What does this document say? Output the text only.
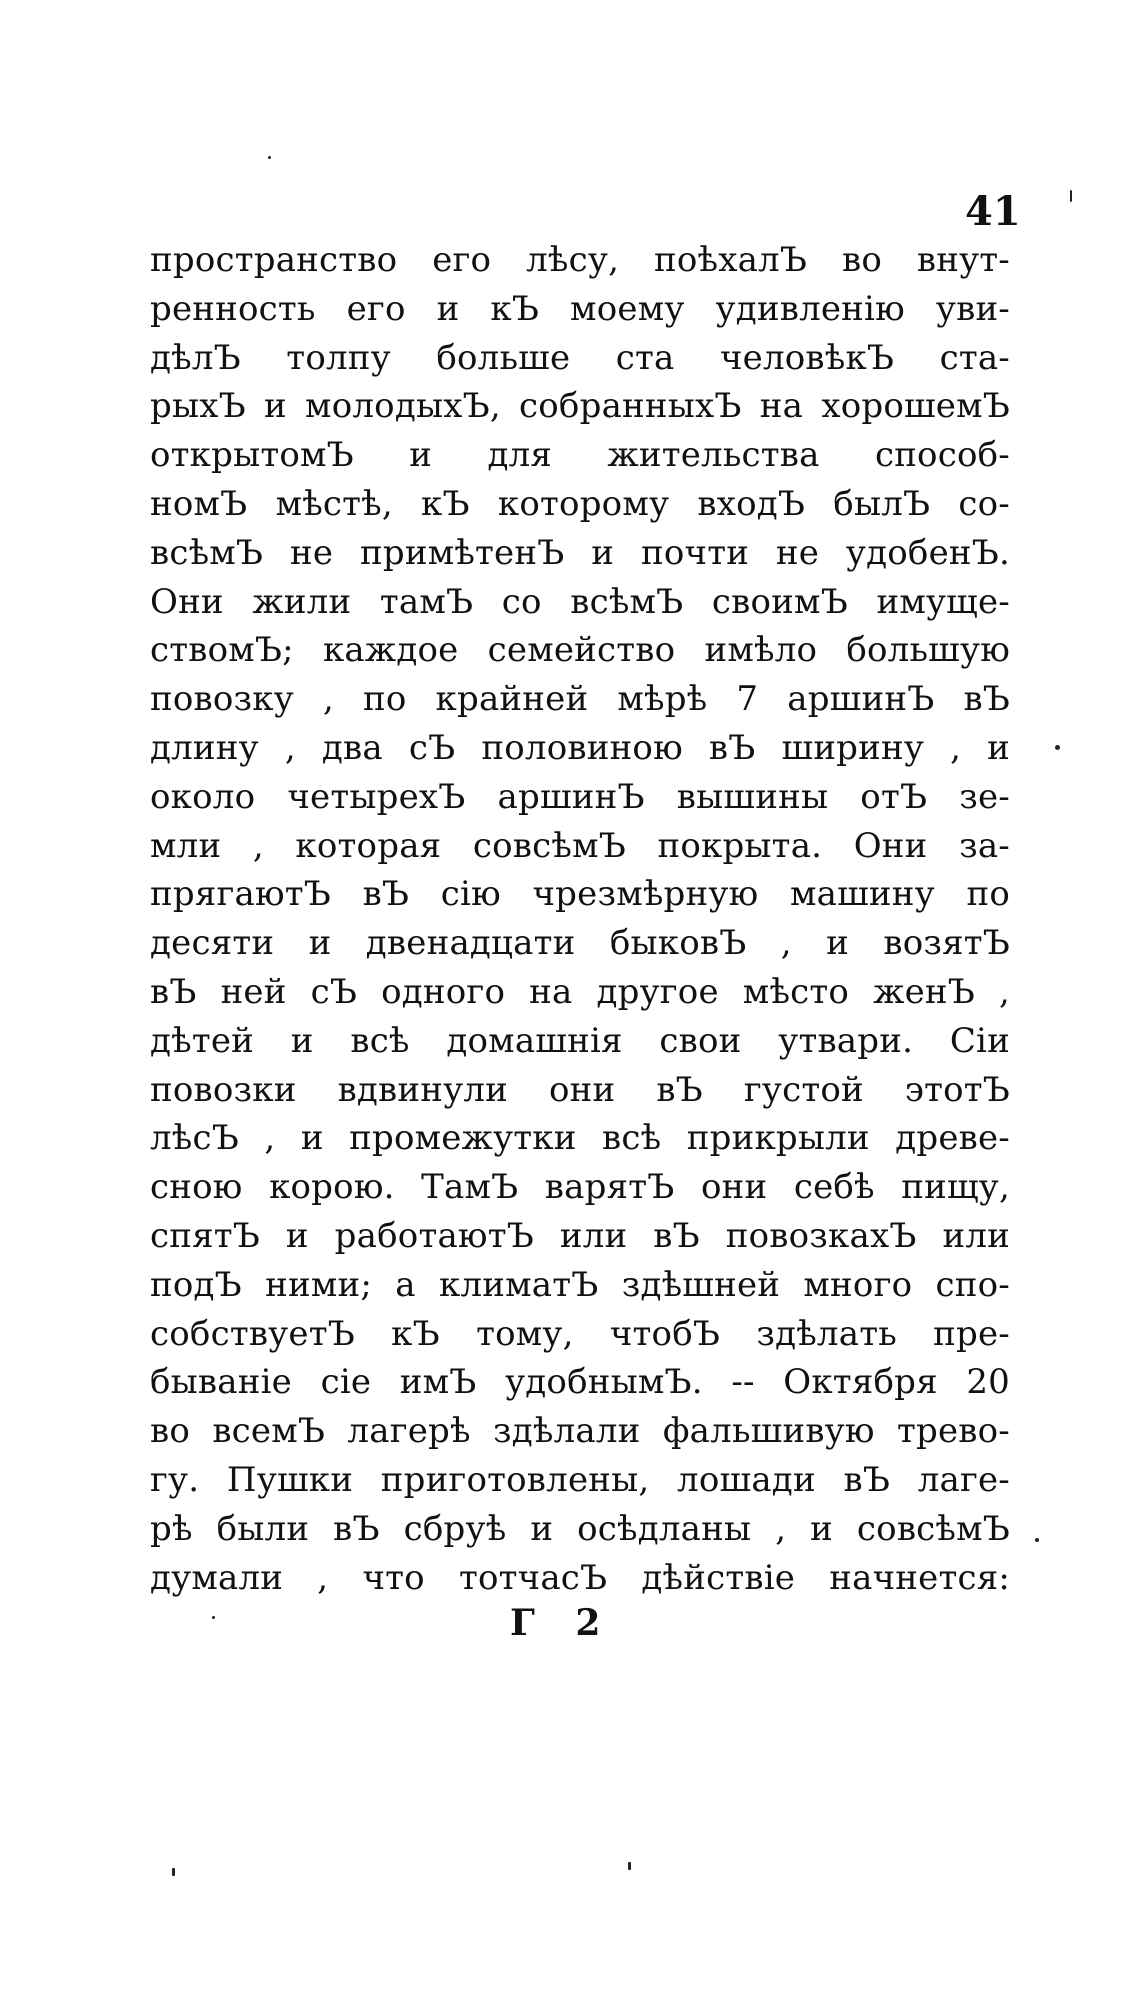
41
пространство его лѣсу, поѣхалЪ во внут-
ренность его и кЪ моему удивленію уви-
дѣлЪ толпу больше ста человѣкЪ ста-
рыхЪ и молодыхЪ, собранныхЪ на хорошемЪ
открытомЪ и для жительства способ-
номЪ мѣстѣ, кЪ которому входЪ былЪ со-
всѣмЪ не примѣтенЪ и почти не удобенЪ.
Они жили тамЪ со всѣмЪ своимЪ имуще-
ствомЪ; каждое семейство имѣло большую
повозку , по крайней мѣрѣ 7 аршинЪ вЪ
длину , два сЪ половиною вЪ ширину , и
около четырехЪ аршинЪ вышины отЪ зе-
мли , которая совсѣмЪ покрыта. Они за-
прягаютЪ вЪ сію чрезмѣрную машину по
десяти и двенадцати быковЪ , и возятЪ
вЪ ней сЪ одного на другое мѣсто женЪ ,
дѣтей и всѣ домашнія свои утвари. Сіи
повозки вдвинули они вЪ густой этотЪ
лѣсЪ , и промежутки всѣ прикрыли древе-
сною корою. ТамЪ варятЪ они себѣ пищу,
спятЪ и работаютЪ или вЪ повозкахЪ или
подЪ ними; а климатЪ здѣшней много спо-
собствуетЪ кЪ тому, чтобЪ здѣлать пре-
бываніе сіе имЪ удобнымЪ. -- Октября 20
во всемЪ лагерѣ здѣлали фальшивую трево-
гу. Пушки приготовлены, лошади вЪ лаге-
рѣ были вЪ сбруѣ и осѣдланы , и совсѣмЪ
думали , что тотчасЪ дѣйствіе начнется:
Г 2
